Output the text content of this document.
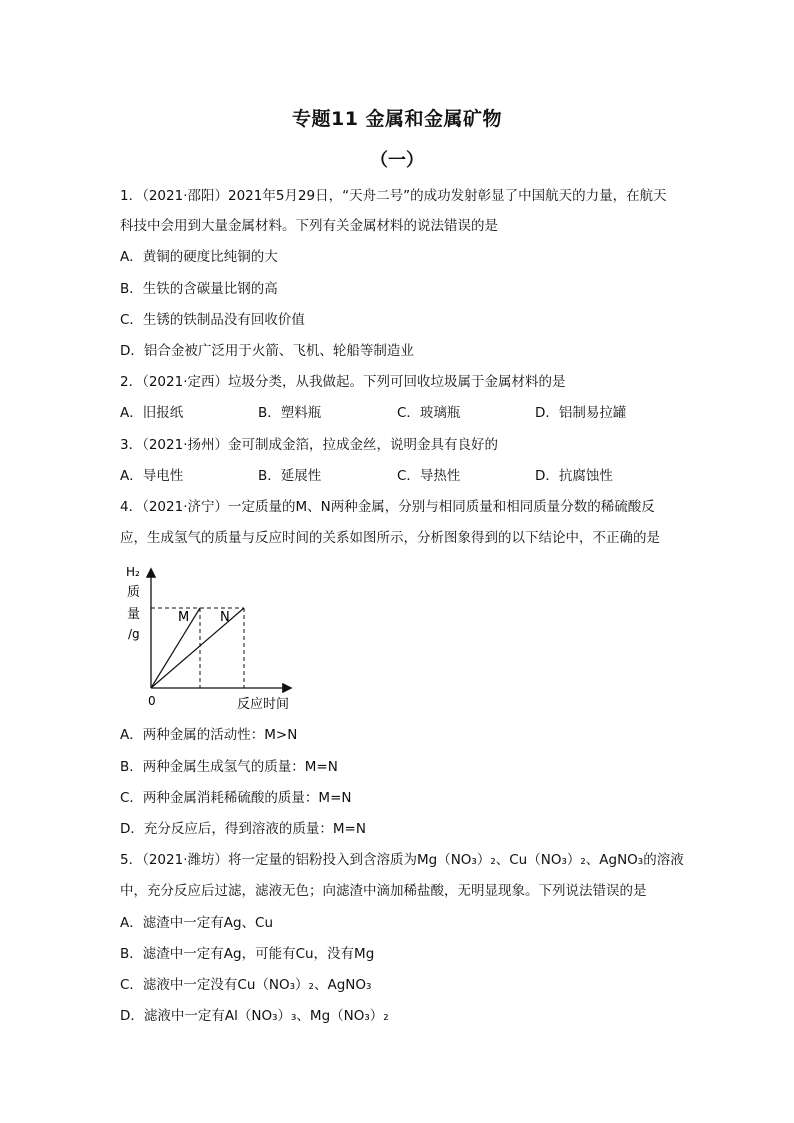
专题11 金属和金属矿物
（一）
1．（2021·邵阳）2021年5月29日，“天舟二号”的成功发射彰显了中国航天的力量，在航天
科技中会用到大量金属材料。下列有关金属材料的说法错误的是
A．黄铜的硬度比纯铜的大
B．生铁的含碳量比钢的高
C．生锈的铁制品没有回收价值
D．铝合金被广泛用于火箭、飞机、轮船等制造业
2．（2021·定西）垃圾分类，从我做起。下列可回收垃圾属于金属材料的是
A．旧报纸	B．塑料瓶	C．玻璃瓶	D．铝制易拉罐
3．（2021·扬州）金可制成金箔，拉成金丝，说明金具有良好的
A．导电性	B．延展性	C．导热性	D．抗腐蚀性
4．（2021·济宁）一定质量的M、N两种金属，分别与相同质量和相同质量分数的稀硫酸反
应，生成氢气的质量与反应时间的关系如图所示，分析图象得到的以下结论中，不正确的是
H₂
质
量
/g
0	反应时间
M N
A．两种金属的活动性：M>N
B．两种金属生成氢气的质量：M=N
C．两种金属消耗稀硫酸的质量：M=N
D．充分反应后，得到溶液的质量：M=N
5．（2021·潍坊）将一定量的铝粉投入到含溶质为Mg（NO₃）₂、Cu（NO₃）₂、AgNO₃的溶液
中，充分反应后过滤，滤液无色；向滤渣中滴加稀盐酸，无明显现象。下列说法错误的是
A．滤渣中一定有Ag、Cu
B．滤渣中一定有Ag，可能有Cu，没有Mg
C．滤液中一定没有Cu（NO₃）₂、AgNO₃
D．滤液中一定有Al（NO₃）₃、Mg（NO₃）₂
